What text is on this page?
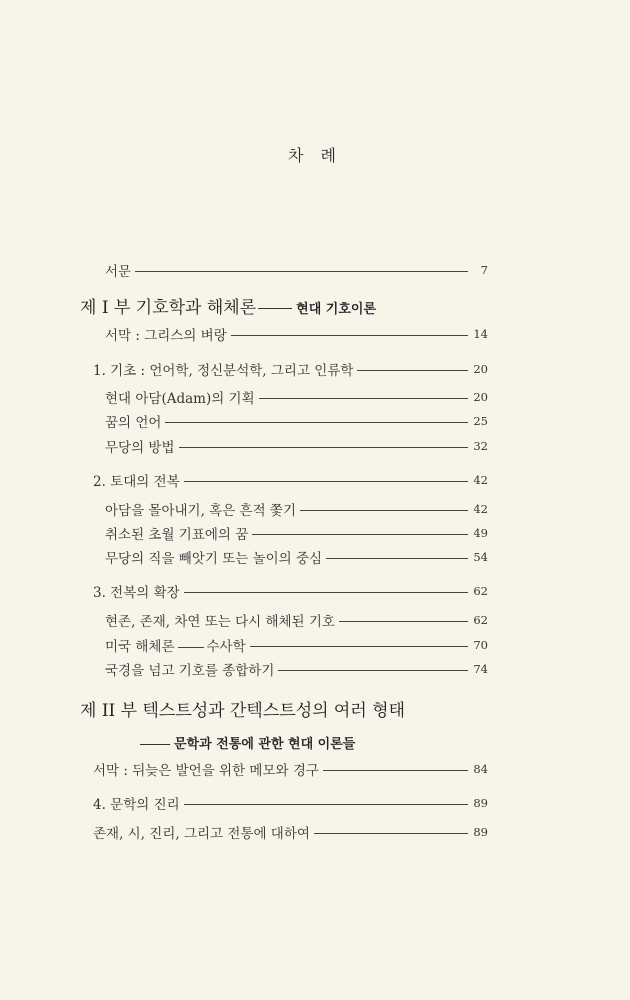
차 례
서문	7
제 I 부 기호학과 해체론	현대 기호이론
서막 : 그리스의 벼랑	14
1. 기초 : 언어학, 정신분석학, 그리고 인류학	20
현대 아담(Adam)의 기획	20
꿈의 언어	25
무당의 방법	32
2. 토대의 전복	42
아담을 몰아내기, 혹은 흔적 쫓기	42
취소된 초월 기표에의 꿈	49
무당의 직을 빼앗기 또는 놀이의 중심	54
3. 전복의 확장	62
현존, 존재, 차연 또는 다시 해체된 기호	62
미국 해체론 수사학	70
국경을 넘고 기호를 종합하기	74
제 II 부 텍스트성과 간텍스트성의 여러 형태
문학과 전통에 관한 현대 이론들
서막 : 뒤늦은 발언을 위한 메모와 경구	84
4. 문학의 진리	89
존재, 시, 진리, 그리고 전통에 대하여	89
